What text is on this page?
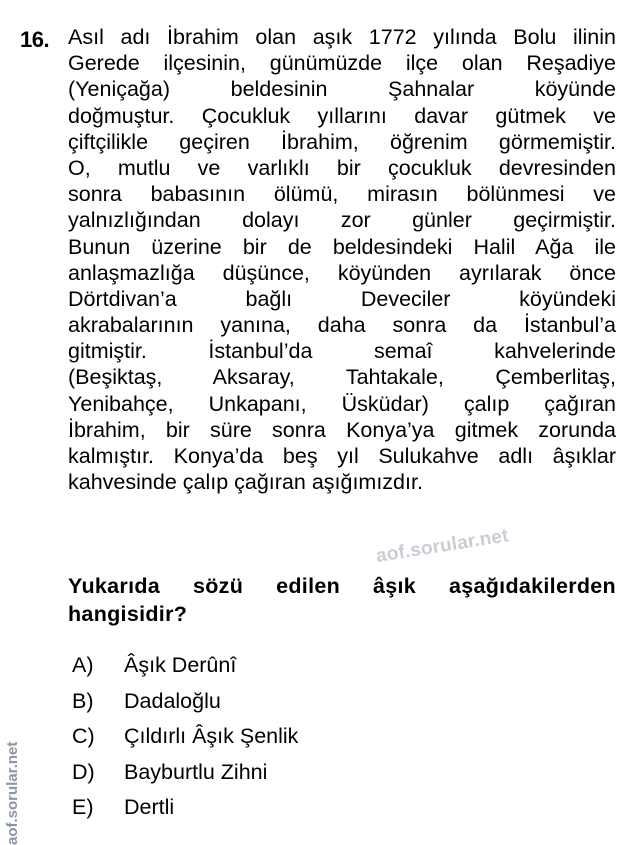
16. Asıl adı İbrahim olan aşık 1772 yılında Bolu ilinin
Gerede ilçesinin, günümüzde ilçe olan Reşadiye
(Yeniçağa) beldesinin Şahnalar köyünde
doğmuştur. Çocukluk yıllarını davar gütmek ve
çiftçilikle geçiren İbrahim, öğrenim görmemiştir.
O, mutlu ve varlıklı bir çocukluk devresinden
sonra babasının ölümü, mirasın bölünmesi ve
yalnızlığından dolayı zor günler geçirmiştir.
Bunun üzerine bir de beldesindeki Halil Ağa ile
anlaşmazlığa düşünce, köyünden ayrılarak önce
Dörtdivan’a bağlı Deveciler köyündeki
akrabalarının yanına, daha sonra da İstanbul’a
gitmiştir. İstanbul’da semaî kahvelerinde
(Beşiktaş, Aksaray, Tahtakale, Çemberlitaş,
Yenibahçe, Unkapanı, Üsküdar) çalıp çağıran
İbrahim, bir süre sonra Konya’ya gitmek zorunda
kalmıştır. Konya’da beş yıl Sulukahve adlı âşıklar
kahvesinde çalıp çağıran aşığımızdır.
Yukarıda sözü edilen âşık aşağıdakilerden
hangisidir?
A)	Âşık Derûnî
B)	Dadaloğlu
C)	Çıldırlı Âşık Şenlik
D)	Bayburtlu Zihni
E)	Dertli
aof.sorular.net
aof.sorular.net
